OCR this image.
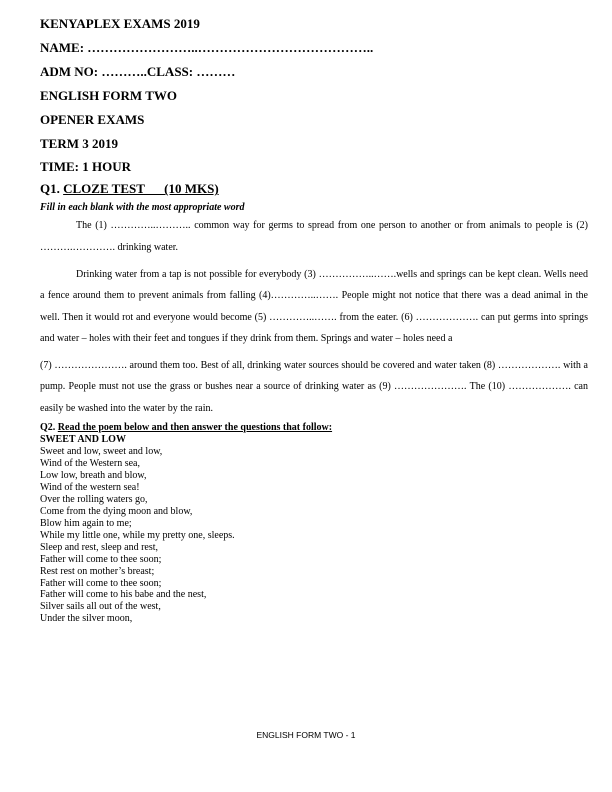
KENYAPLEX EXAMS 2019
NAME: ……………………..…………………………………..
ADM NO: ………..CLASS: ………
ENGLISH FORM TWO
OPENER EXAMS
TERM 3 2019
TIME: 1 HOUR
Q1. CLOZE TEST      (10 MKS)
Fill in each blank with the most appropriate word
The (1) …………..……….. common way for germs to spread from one person to another or from animals to people is (2) ……….…………. drinking water.
Drinking water from a tap is not possible for everybody (3) ……………..…….wells and springs can be kept clean. Wells need a fence around them to prevent animals from falling (4)…………..……. People might not notice that there was a dead animal in the well. Then it would rot and everyone would become (5) …………..……. from the eater. (6) ………………. can put germs into springs and water – holes with their feet and tongues if they drink from them. Springs and water – holes need a
(7) …………………. around them too. Best of all, drinking water sources should be covered and water taken (8) ………………. with a pump. People must not use the grass or bushes near a source of drinking water as (9) …………………. The (10) ………………. can easily be washed into the water by the rain.
Q2. Read the poem below and then answer the questions that follow:
SWEET AND LOW
Sweet and low, sweet and low,
Wind of the Western sea,
Low low, breath and blow,
Wind of the western sea!
Over the rolling waters go,
Come from the dying moon and blow,
Blow him again to me;
While my little one, while my pretty one, sleeps.
Sleep and rest, sleep and rest,
Father will come to thee soon;
Rest rest on mother’s breast;
Father will come to thee soon;
Father will come to his babe and the nest,
Silver sails all out of the west,
Under the silver moon,
ENGLISH FORM TWO - 1
